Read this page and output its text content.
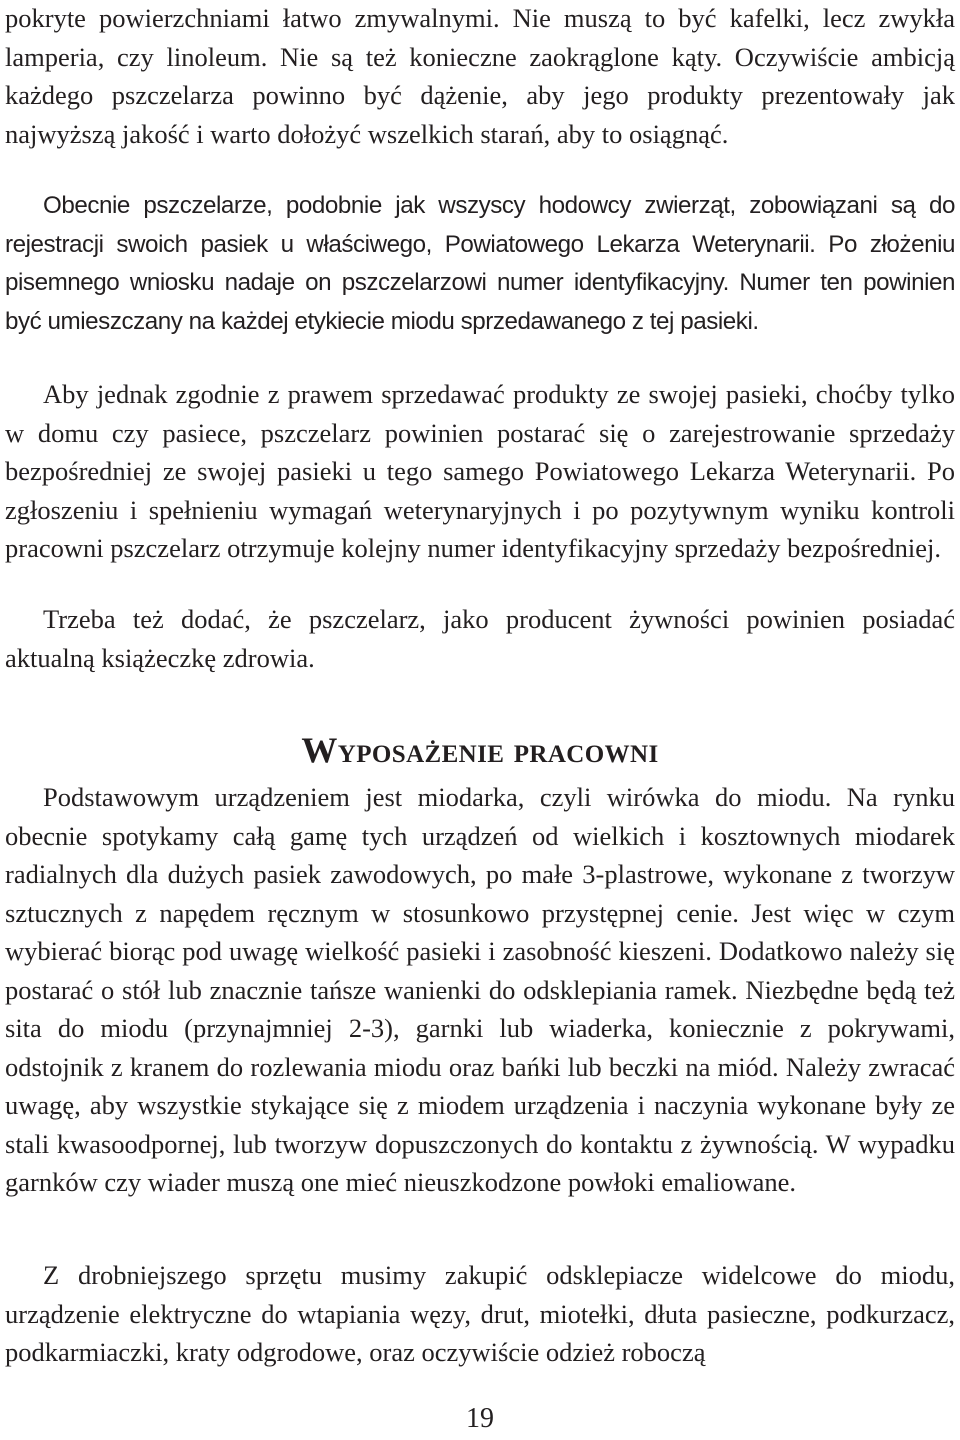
pokryte powierzchniami łatwo zmywalnymi. Nie muszą to być kafelki, lecz zwykła lamperia, czy linoleum. Nie są też konieczne zaokrąglone kąty. Oczywiście ambicją każdego pszczelarza powinno być dążenie, aby jego produkty prezentowały jak najwyższą jakość i warto dołożyć wszelkich starań, aby to osiągnąć.

Obecnie pszczelarze, podobnie jak wszyscy hodowcy zwierząt, zobowiązani są do rejestracji swoich pasiek u właściwego, Powiatowego Lekarza Weterynarii. Po złożeniu pisemnego wniosku nadaje on pszczelarzowi numer identyfikacyjny. Numer ten powinien być umieszczany na każdej etykiecie miodu sprzedawanego z tej pasieki.

Aby jednak zgodnie z prawem sprzedawać produkty ze swojej pasieki, choćby tylko w domu czy pasiece, pszczelarz powinien postarać się o zarejestrowanie sprzedaży bezpośredniej ze swojej pasieki u tego samego Powiatowego Lekarza Weterynarii. Po zgłoszeniu i spełnieniu wymagań weterynaryjnych i po pozytywnym wyniku kontroli pracowni pszczelarz otrzymuje kolejny numer identyfikacyjny sprzedaży bezpośredniej.

Trzeba też dodać, że pszczelarz, jako producent żywności powinien posiadać aktualną książeczkę zdrowia.

Wyposażenie pracowni

Podstawowym urządzeniem jest miodarka, czyli wirówka do miodu. Na rynku obecnie spotykamy całą gamę tych urządzeń od wielkich i kosztownych miodarek radialnych dla dużych pasiek zawodowych, po małe 3-plastrowe, wykonane z tworzyw sztucznych z napędem ręcznym w stosunkowo przystępnej cenie. Jest więc w czym wybierać biorąc pod uwagę wielkość pasieki i zasobność kieszeni. Dodatkowo należy się postarać o stół lub znacznie tańsze wanienki do odsklepiania ramek. Niezbędne będą też sita do miodu (przynajmniej 2-3), garnki lub wiaderka, koniecznie z pokrywami, odstojnik z kranem do rozlewania miodu oraz bańki lub beczki na miód. Należy zwracać uwagę, aby wszystkie stykające się z miodem urządzenia i naczynia wykonane były ze stali kwasoodpornej, lub tworzyw dopuszczonych do kontaktu z żywnością. W wypadku garnków czy wiader muszą one mieć nieuszkodzone powłoki emaliowane.

Z drobniejszego sprzętu musimy zakupić odsklepiacze widelcowe do miodu, urządzenie elektryczne do wtapiania węzy, drut, miotełki, dłuta pasieczne, podkurzacz, podkarmiaczki, kraty odgrodowe, oraz oczywiście odzież roboczą

19
